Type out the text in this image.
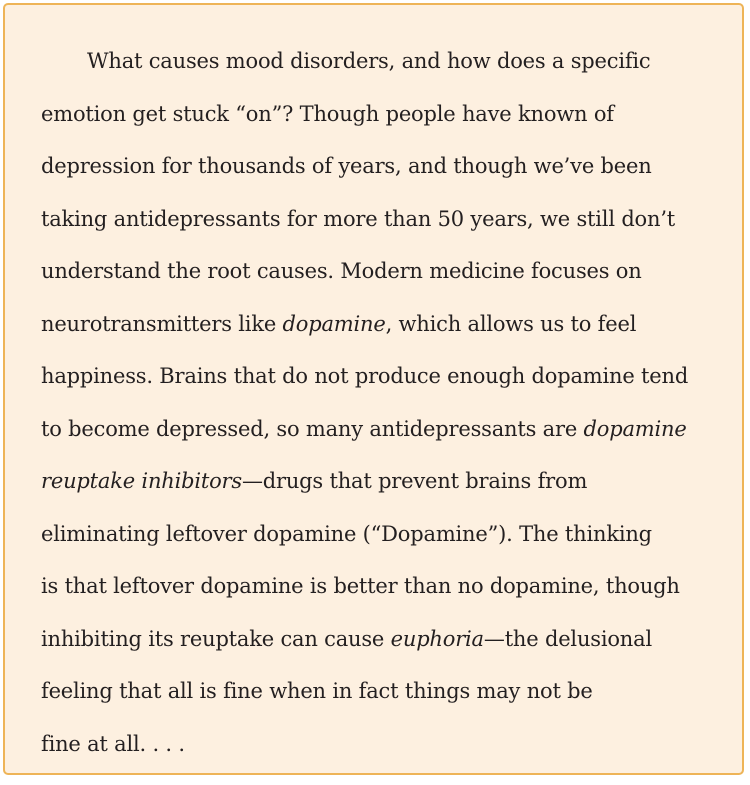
What causes mood disorders, and how does a specific
emotion get stuck “on”? Though people have known of
depression for thousands of years, and though we’ve been
taking antidepressants for more than 50 years, we still don’t
understand the root causes. Modern medicine focuses on
neurotransmitters like dopamine, which allows us to feel
happiness. Brains that do not produce enough dopamine tend
to become depressed, so many antidepressants are dopamine
reuptake inhibitors—drugs that prevent brains from
eliminating leftover dopamine (“Dopamine”). The thinking
is that leftover dopamine is better than no dopamine, though
inhibiting its reuptake can cause euphoria—the delusional
feeling that all is fine when in fact things may not be
fine at all. . . .
